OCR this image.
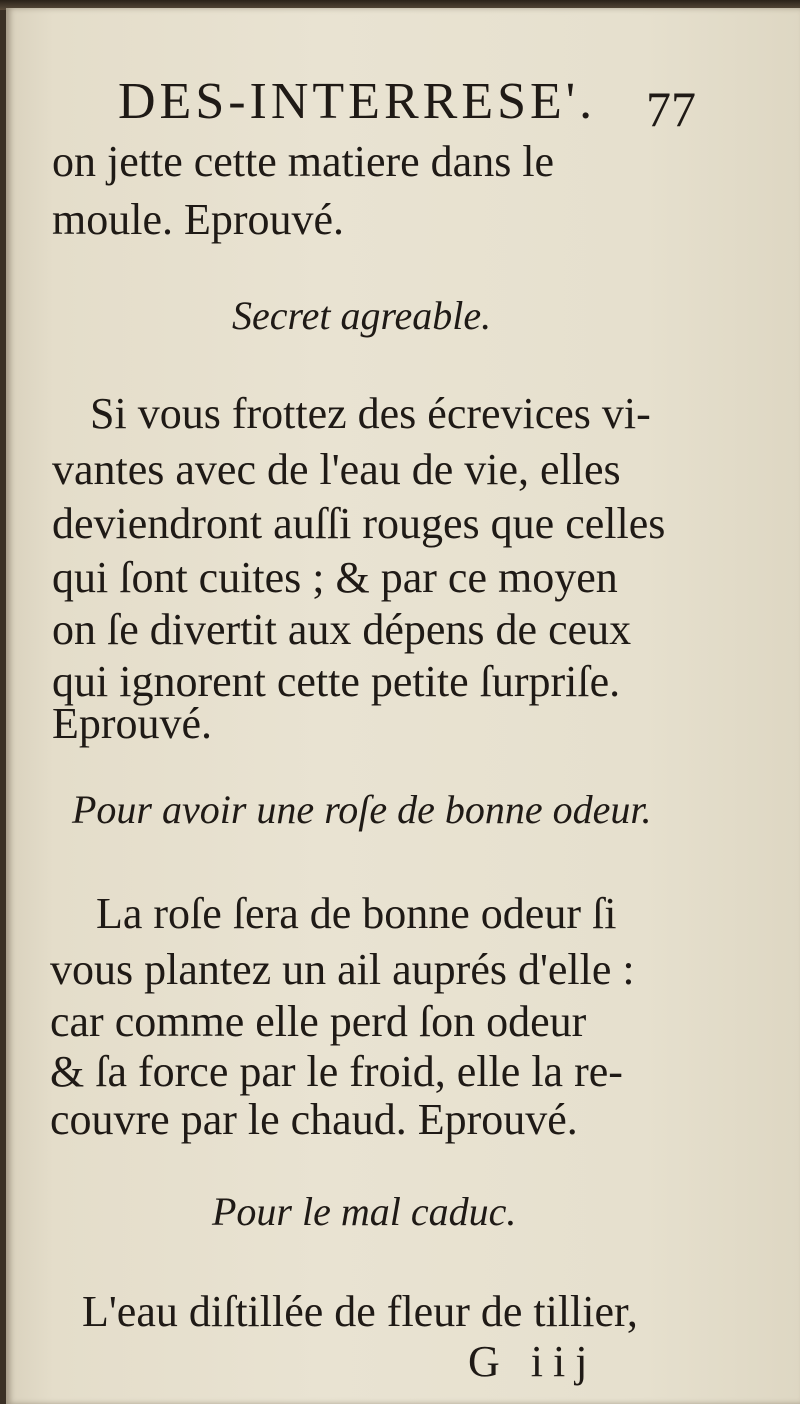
DES-INTERRESE'. 77
on jette cette matiere dans le
moule. Eprouvé.
Secret agreable.
Si vous frottez des écrevices vi-
vantes avec de l'eau de vie, elles
deviendront auſſi rouges que celles
qui ſont cuites ; & par ce moyen
on ſe divertit aux dépens de ceux
qui ignorent cette petite ſurpriſe.
Eprouvé.
Pour avoir une roſe de bonne odeur.
La roſe ſera de bonne odeur ſi
vous plantez un ail auprés d'elle :
car comme elle perd ſon odeur
& ſa force par le froid, elle la re-
couvre par le chaud. Eprouvé.
Pour le mal caduc.
L'eau diſtillée de fleur de tillier,
G iij
